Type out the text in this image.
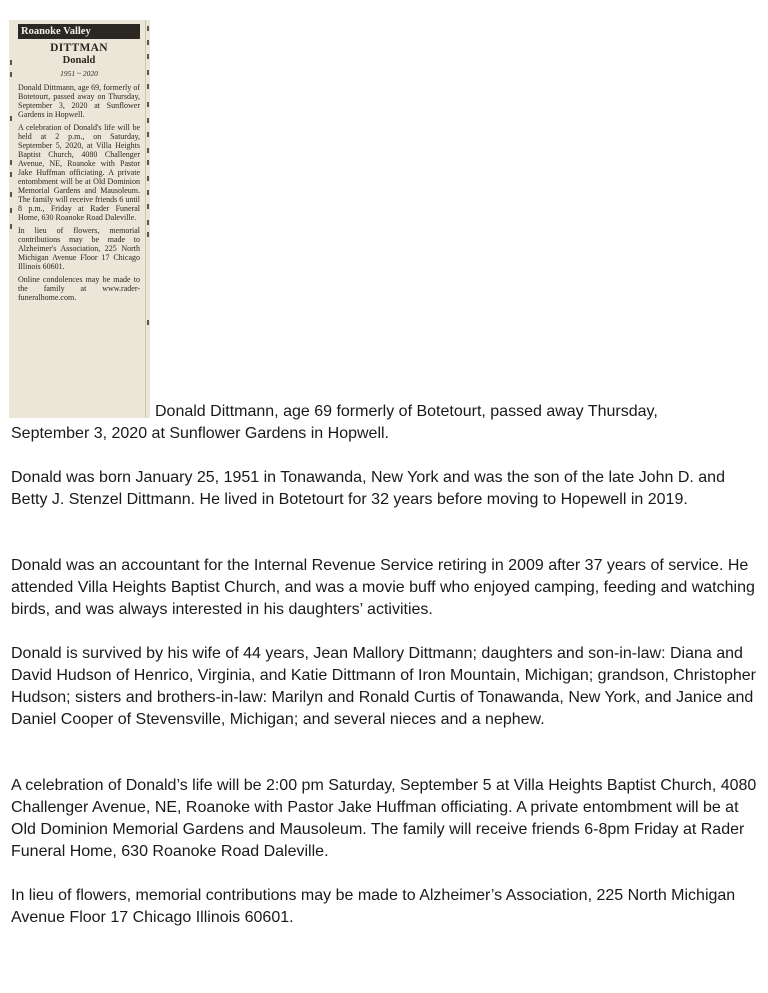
Roanoke Valley
DITTMAN
Donald
1951 ~ 2020

Donald Dittmann, age 69, formerly of Botetourt, passed away on Thursday, September 3, 2020 at Sunflower Gardens in Hopwell.

A celebration of Donald's life will be held at 2 p.m., on Saturday, September 5, 2020, at Villa Heights Baptist Church, 4080 Challenger Avenue, NE, Roanoke with Pastor Jake Huffman officiating. A private entombment will be at Old Dominion Memorial Gardens and Mausoleum. The family will receive friends 6 until 8 p.m., Friday at Rader Funeral Home, 630 Roanoke Road Daleville.

In lieu of flowers, memorial contributions may be made to Alzheimer's Association, 225 North Michigan Avenue Floor 17 Chicago Illinois 60601.

Online condolences may be made to the family at www.rader-funeralhome.com.

Donald Dittmann, age 69 formerly of Botetourt, passed away Thursday,

September 3, 2020 at Sunflower Gardens in Hopwell.

Donald was born January 25, 1951 in Tonawanda, New York and was the son of the late John D. and Betty J. Stenzel Dittmann. He lived in Botetourt for 32 years before moving to Hopewell in 2019.

Donald was an accountant for the Internal Revenue Service retiring in 2009 after 37 years of service. He attended Villa Heights Baptist Church, and was a movie buff who enjoyed camping, feeding and watching birds, and was always interested in his daughters’ activities.

Donald is survived by his wife of 44 years, Jean Mallory Dittmann; daughters and son-in-law: Diana and David Hudson of Henrico, Virginia, and Katie Dittmann of Iron Mountain, Michigan; grandson, Christopher Hudson; sisters and brothers-in-law: Marilyn and Ronald Curtis of Tonawanda, New York, and Janice and Daniel Cooper of Stevensville, Michigan; and several nieces and a nephew.

A celebration of Donald’s life will be 2:00 pm Saturday, September 5 at Villa Heights Baptist Church, 4080 Challenger Avenue, NE, Roanoke with Pastor Jake Huffman officiating. A private entombment will be at Old Dominion Memorial Gardens and Mausoleum. The family will receive friends 6-8pm Friday at Rader Funeral Home, 630 Roanoke Road Daleville.

In lieu of flowers, memorial contributions may be made to Alzheimer’s Association, 225 North Michigan Avenue Floor 17 Chicago Illinois 60601.
